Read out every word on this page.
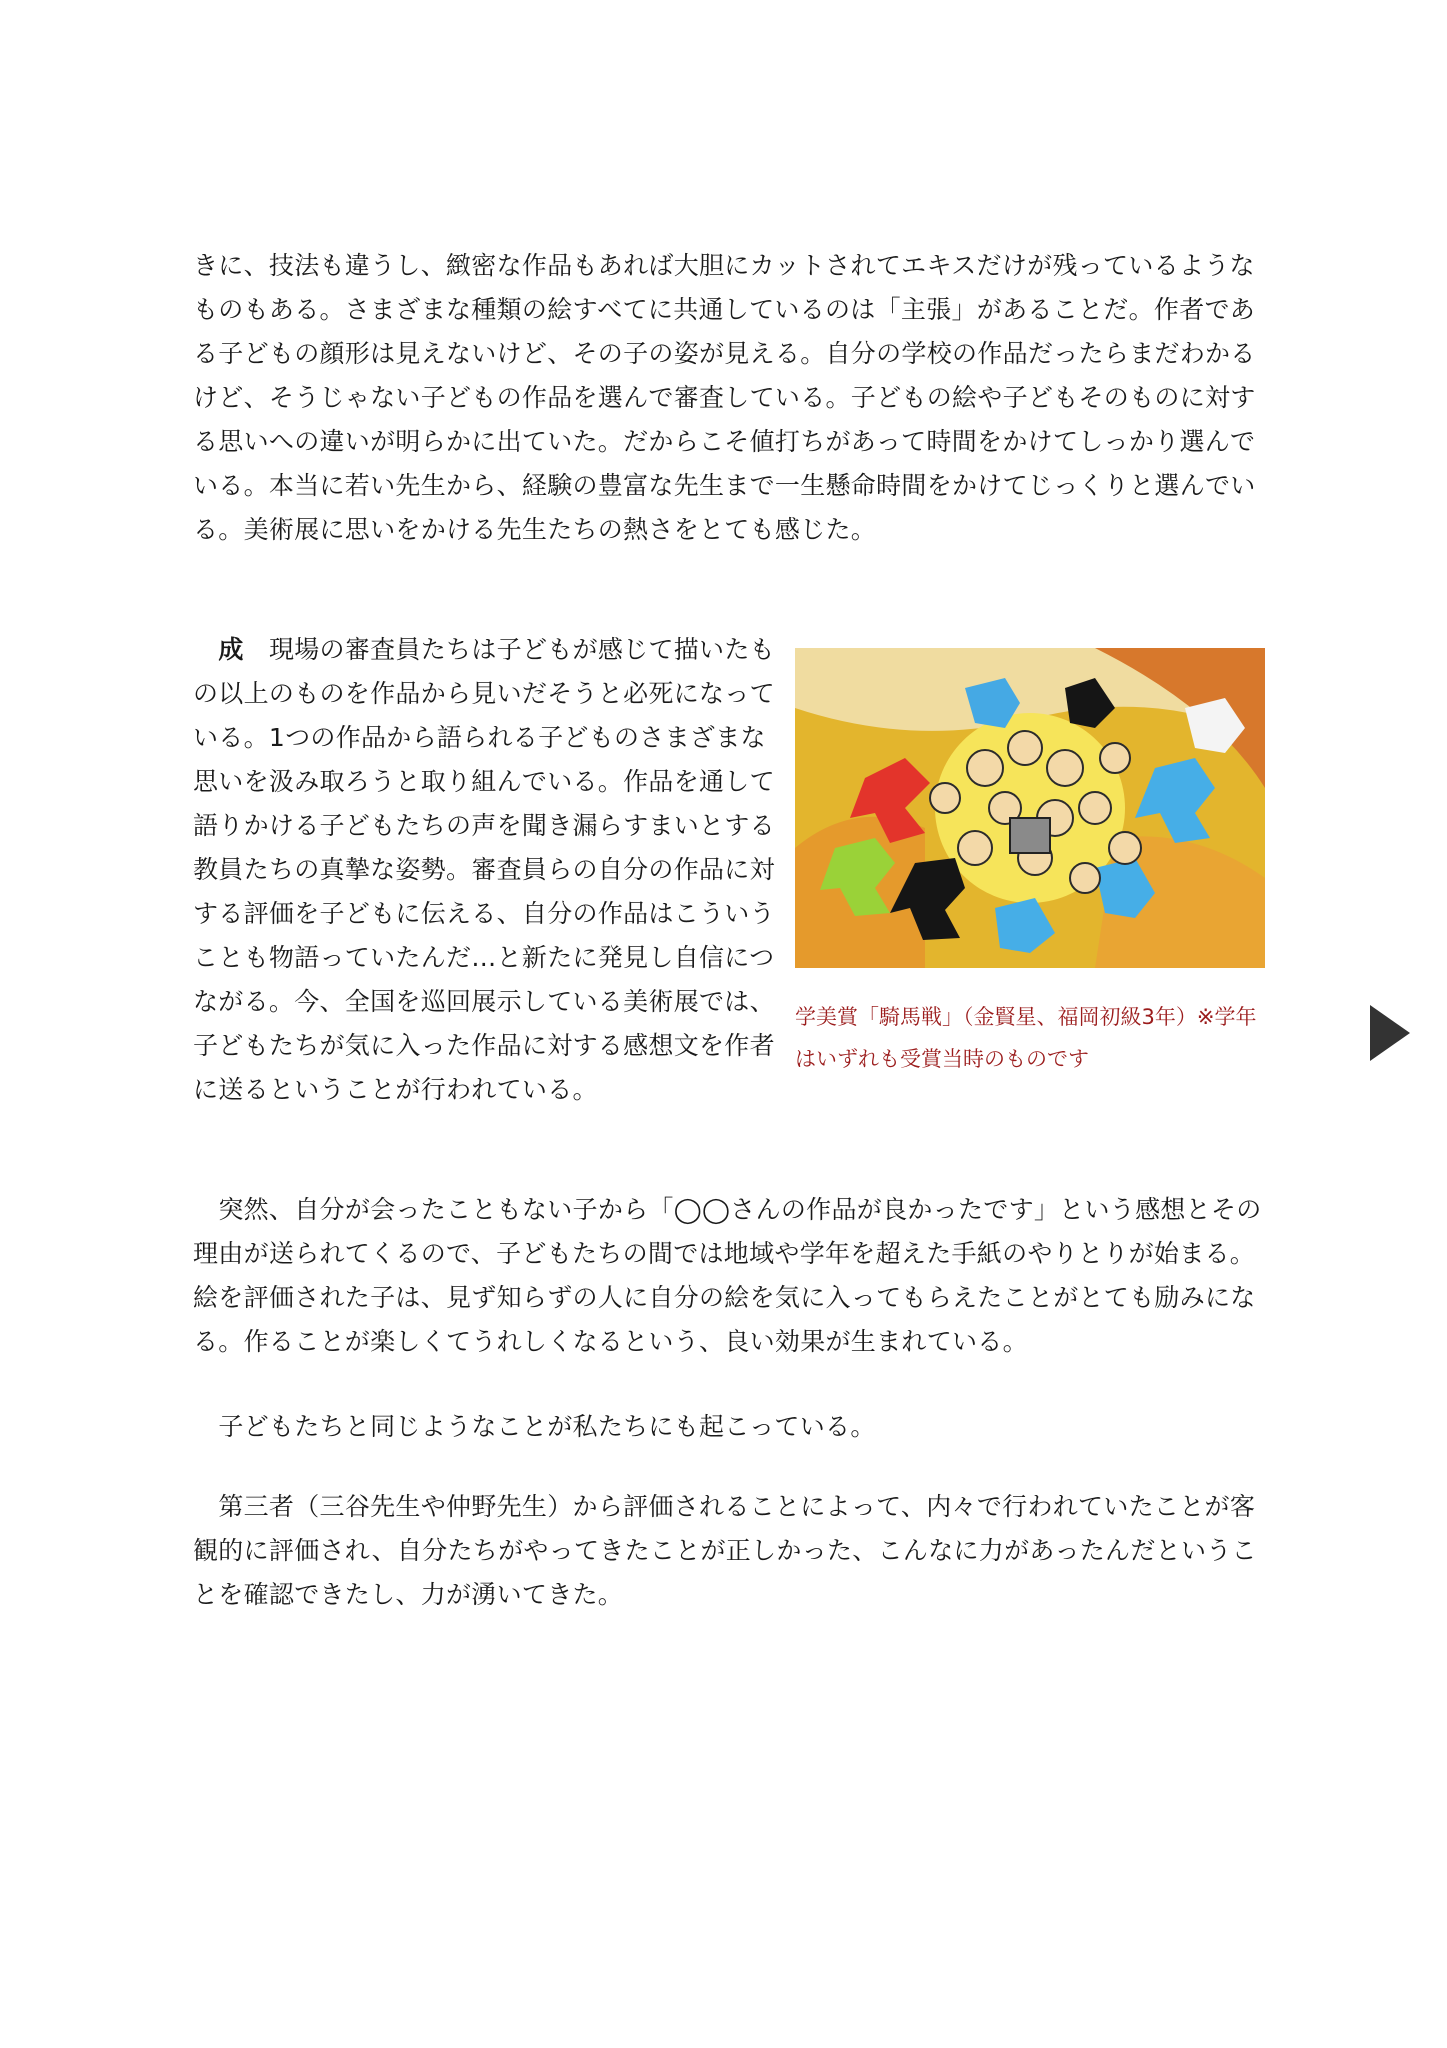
きに、技法も違うし、緻密な作品もあれば大胆にカットされてエキスだけが残っているようなものもある。さまざまな種類の絵すべてに共通しているのは「主張」があることだ。作者である子どもの顔形は見えないけど、その子の姿が見える。自分の学校の作品だったらまだわかるけど、そうじゃない子どもの作品を選んで審査している。子どもの絵や子どもそのものに対する思いへの違いが明らかに出ていた。だからこそ値打ちがあって時間をかけてしっかり選んでいる。本当に若い先生から、経験の豊富な先生まで一生懸命時間をかけてじっくりと選んでいる。美術展に思いをかける先生たちの熱さをとても感じた。

　成　 現場の審査員たちは子どもが感じて描いたもの以上のものを作品から見いだそうと必死になっている。1つの作品から語られる子どものさまざまな思いを汲み取ろうと取り組んでいる。作品を通して語りかける子どもたちの声を聞き漏らすまいとする教員たちの真摯な姿勢。審査員らの自分の作品に対する評価を子どもに伝える、自分の作品はこういうことも物語っていたんだ…と新たに発見し自信につながる。今、全国を巡回展示している美術展では、子どもたちが気に入った作品に対する感想文を作者に送るということが行われている。

学美賞「騎馬戦」（金賢星、福岡初級3年）※学年はいずれも受賞当時のものです

　突然、自分が会ったこともない子から「◯◯さんの作品が良かったです」という感想とその理由が送られてくるので、子どもたちの間では地域や学年を超えた手紙のやりとりが始まる。絵を評価された子は、見ず知らずの人に自分の絵を気に入ってもらえたことがとても励みになる。作ることが楽しくてうれしくなるという、良い効果が生まれている。

　子どもたちと同じようなことが私たちにも起こっている。

　第三者（三谷先生や仲野先生）から評価されることによって、内々で行われていたことが客観的に評価され、自分たちがやってきたことが正しかった、こんなに力があったんだということを確認できたし、力が湧いてきた。
